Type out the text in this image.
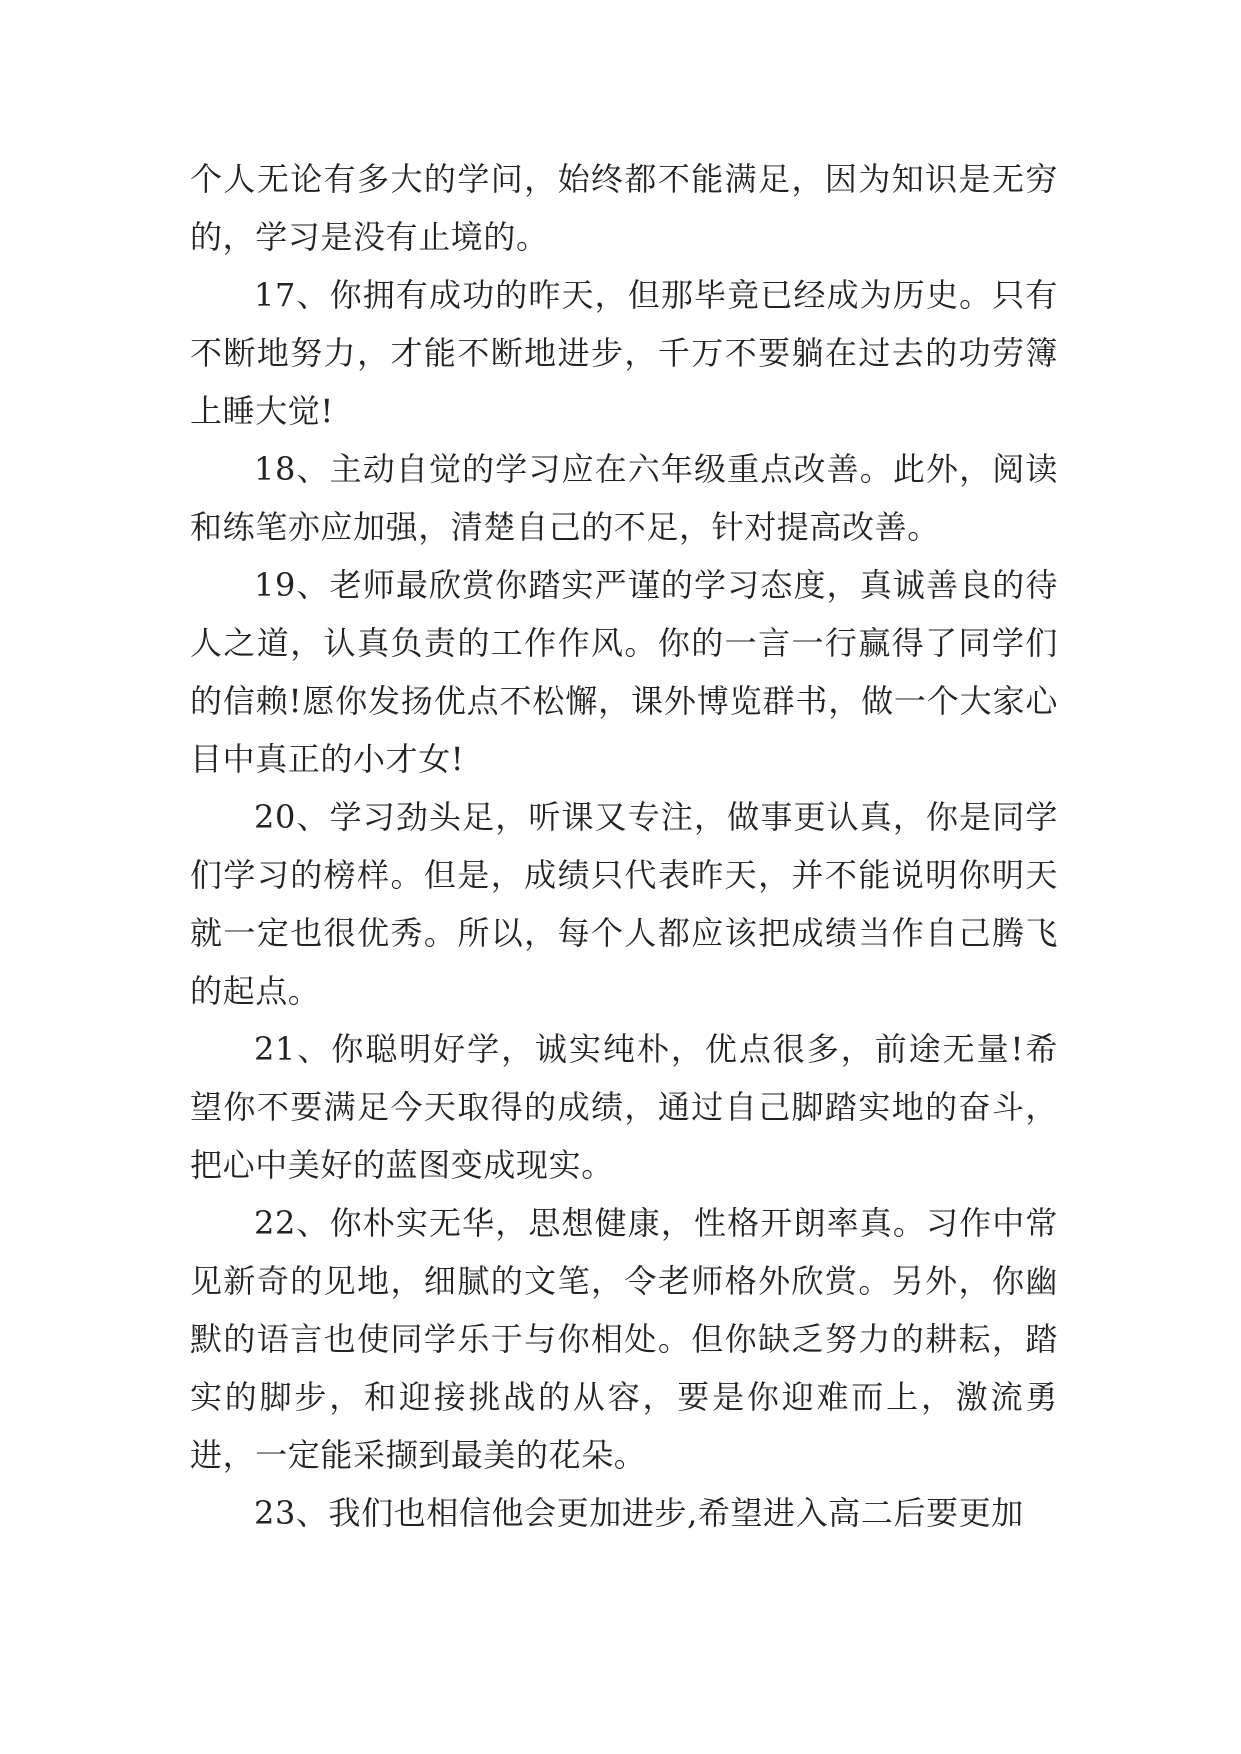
个人无论有多大的学问，始终都不能满足，因为知识是无穷的，学习是没有止境的。

17、你拥有成功的昨天，但那毕竟已经成为历史。只有不断地努力，才能不断地进步，千万不要躺在过去的功劳簿上睡大觉!

18、主动自觉的学习应在六年级重点改善。此外，阅读和练笔亦应加强，清楚自己的不足，针对提高改善。

19、老师最欣赏你踏实严谨的学习态度，真诚善良的待人之道，认真负责的工作作风。你的一言一行赢得了同学们的信赖!愿你发扬优点不松懈，课外博览群书，做一个大家心目中真正的小才女!

20、学习劲头足，听课又专注，做事更认真，你是同学们学习的榜样。但是，成绩只代表昨天，并不能说明你明天就一定也很优秀。所以，每个人都应该把成绩当作自己腾飞的起点。

21、你聪明好学，诚实纯朴，优点很多，前途无量!希望你不要满足今天取得的成绩，通过自己脚踏实地的奋斗，把心中美好的蓝图变成现实。

22、你朴实无华，思想健康，性格开朗率真。习作中常见新奇的见地，细腻的文笔，令老师格外欣赏。另外，你幽默的语言也使同学乐于与你相处。但你缺乏努力的耕耘，踏实的脚步，和迎接挑战的从容，要是你迎难而上，激流勇进，一定能采撷到最美的花朵。

23、我们也相信他会更加进步,希望进入高二后要更加
